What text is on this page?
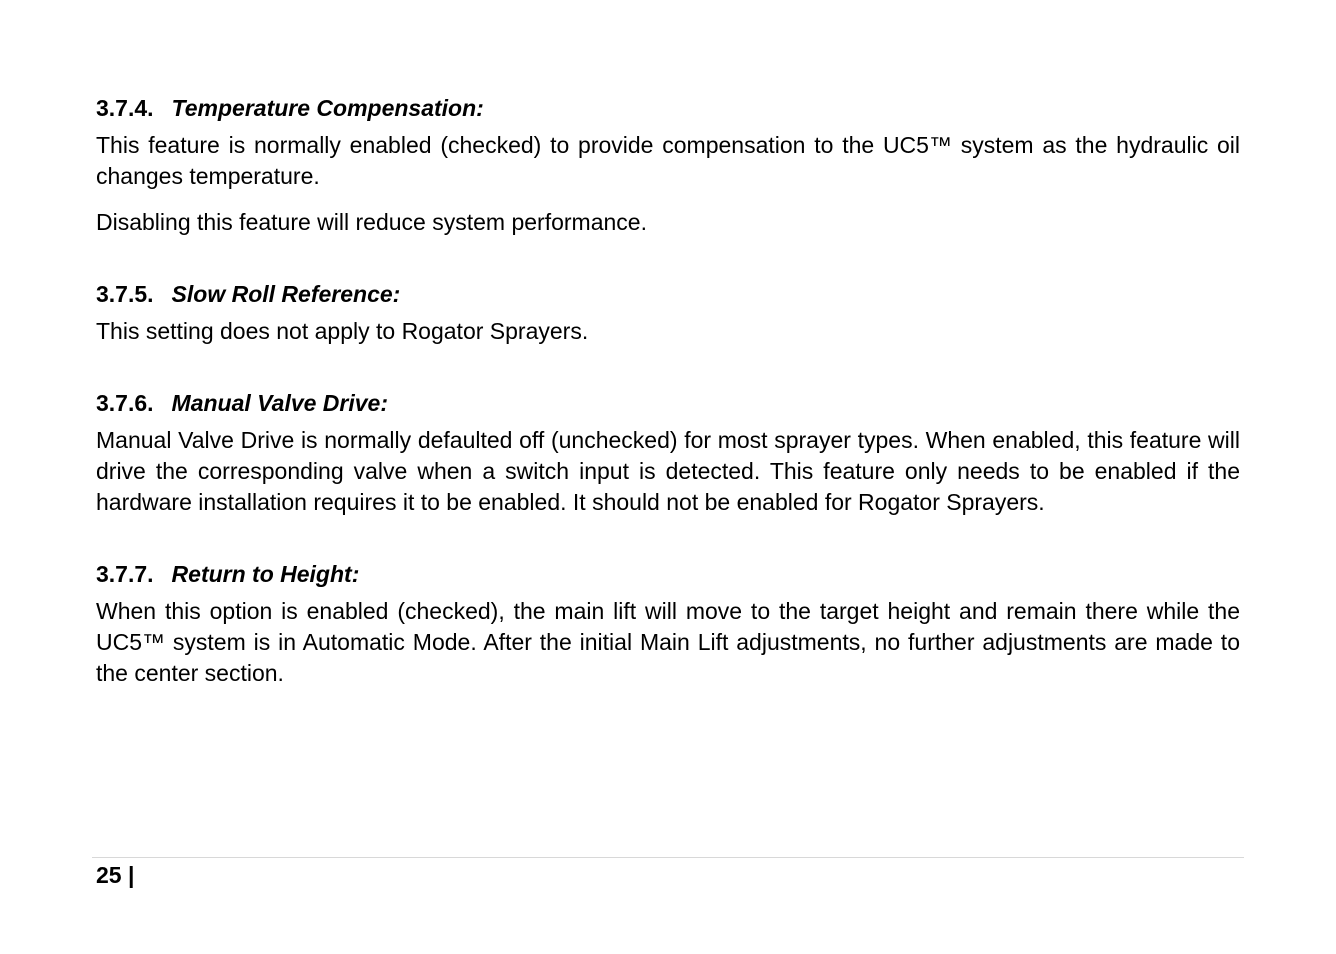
3.7.4. Temperature Compensation:

This feature is normally enabled (checked) to provide compensation to the UC5™ system as the hydraulic oil changes temperature.

Disabling this feature will reduce system performance.

3.7.5. Slow Roll Reference:

This setting does not apply to Rogator Sprayers.

3.7.6. Manual Valve Drive:

Manual Valve Drive is normally defaulted off (unchecked) for most sprayer types. When enabled, this feature will drive the corresponding valve when a switch input is detected. This feature only needs to be enabled if the hardware installation requires it to be enabled. It should not be enabled for Rogator Sprayers.

3.7.7. Return to Height:

When this option is enabled (checked), the main lift will move to the target height and remain there while the UC5™ system is in Automatic Mode. After the initial Main Lift adjustments, no further adjustments are made to the center section.

25 |
